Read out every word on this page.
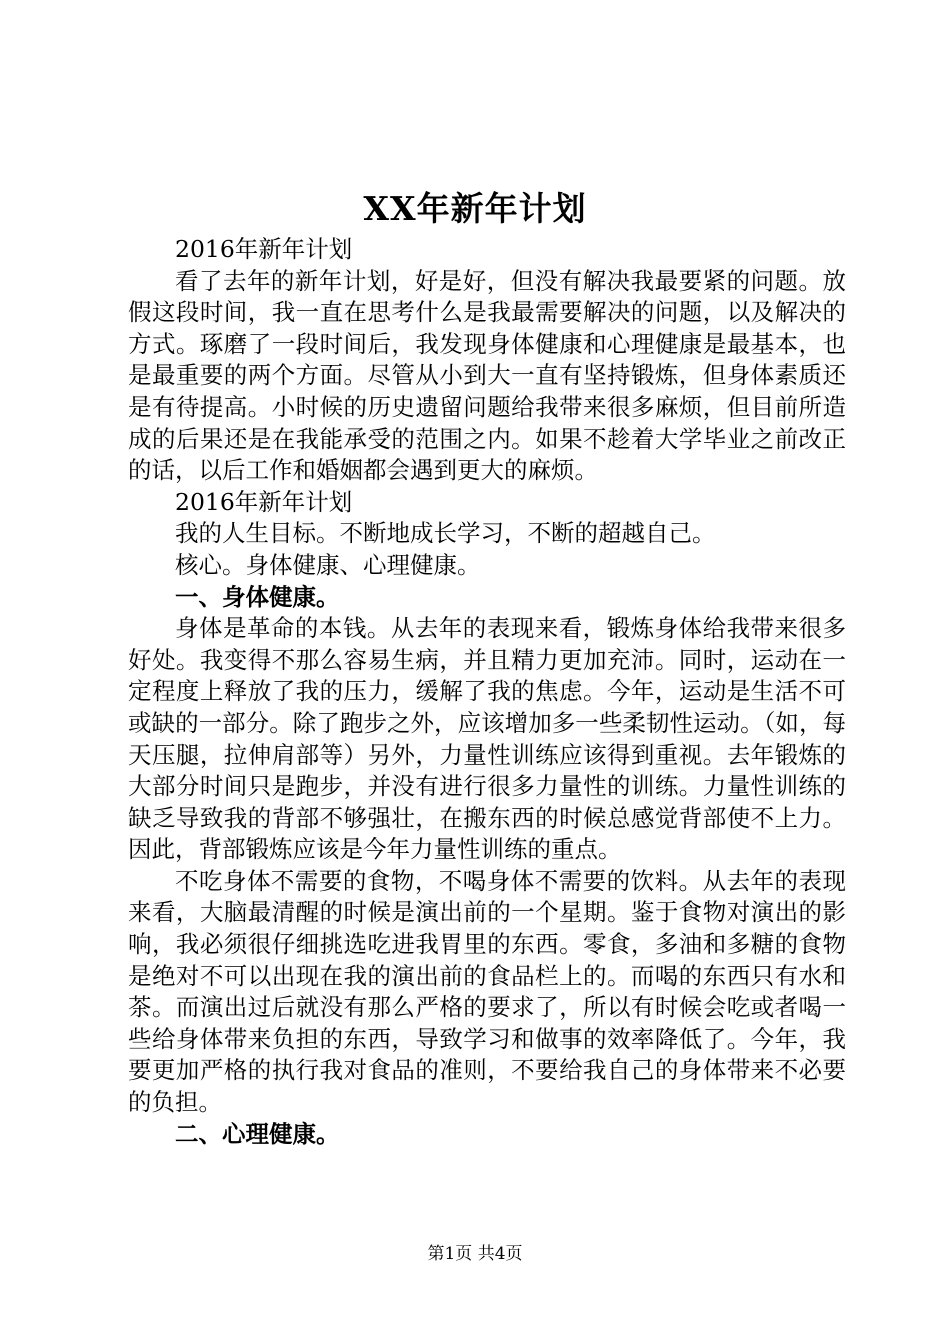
XX年新年计划

2016年新年计划

看了去年的新年计划，好是好，但没有解决我最要紧的问题。放假这段时间，我一直在思考什么是我最需要解决的问题，以及解决的方式。琢磨了一段时间后，我发现身体健康和心理健康是最基本，也是最重要的两个方面。尽管从小到大一直有坚持锻炼，但身体素质还是有待提高。小时候的历史遗留问题给我带来很多麻烦，但目前所造成的后果还是在我能承受的范围之内。如果不趁着大学毕业之前改正的话，以后工作和婚姻都会遇到更大的麻烦。

2016年新年计划

我的人生目标。不断地成长学习，不断的超越自己。

核心。身体健康、心理健康。

一、身体健康。

身体是革命的本钱。从去年的表现来看，锻炼身体给我带来很多好处。我变得不那么容易生病，并且精力更加充沛。同时，运动在一定程度上释放了我的压力，缓解了我的焦虑。今年，运动是生活不可或缺的一部分。除了跑步之外，应该增加多一些柔韧性运动。（如，每天压腿，拉伸肩部等）另外，力量性训练应该得到重视。去年锻炼的大部分时间只是跑步，并没有进行很多力量性的训练。力量性训练的缺乏导致我的背部不够强壮，在搬东西的时候总感觉背部使不上力。因此，背部锻炼应该是今年力量性训练的重点。

不吃身体不需要的食物，不喝身体不需要的饮料。从去年的表现来看，大脑最清醒的时候是演出前的一个星期。鉴于食物对演出的影响，我必须很仔细挑选吃进我胃里的东西。零食，多油和多糖的食物是绝对不可以出现在我的演出前的食品栏上的。而喝的东西只有水和茶。而演出过后就没有那么严格的要求了，所以有时候会吃或者喝一些给身体带来负担的东西，导致学习和做事的效率降低了。今年，我要更加严格的执行我对食品的准则，不要给我自己的身体带来不必要的负担。

二、心理健康。

第1页 共4页
